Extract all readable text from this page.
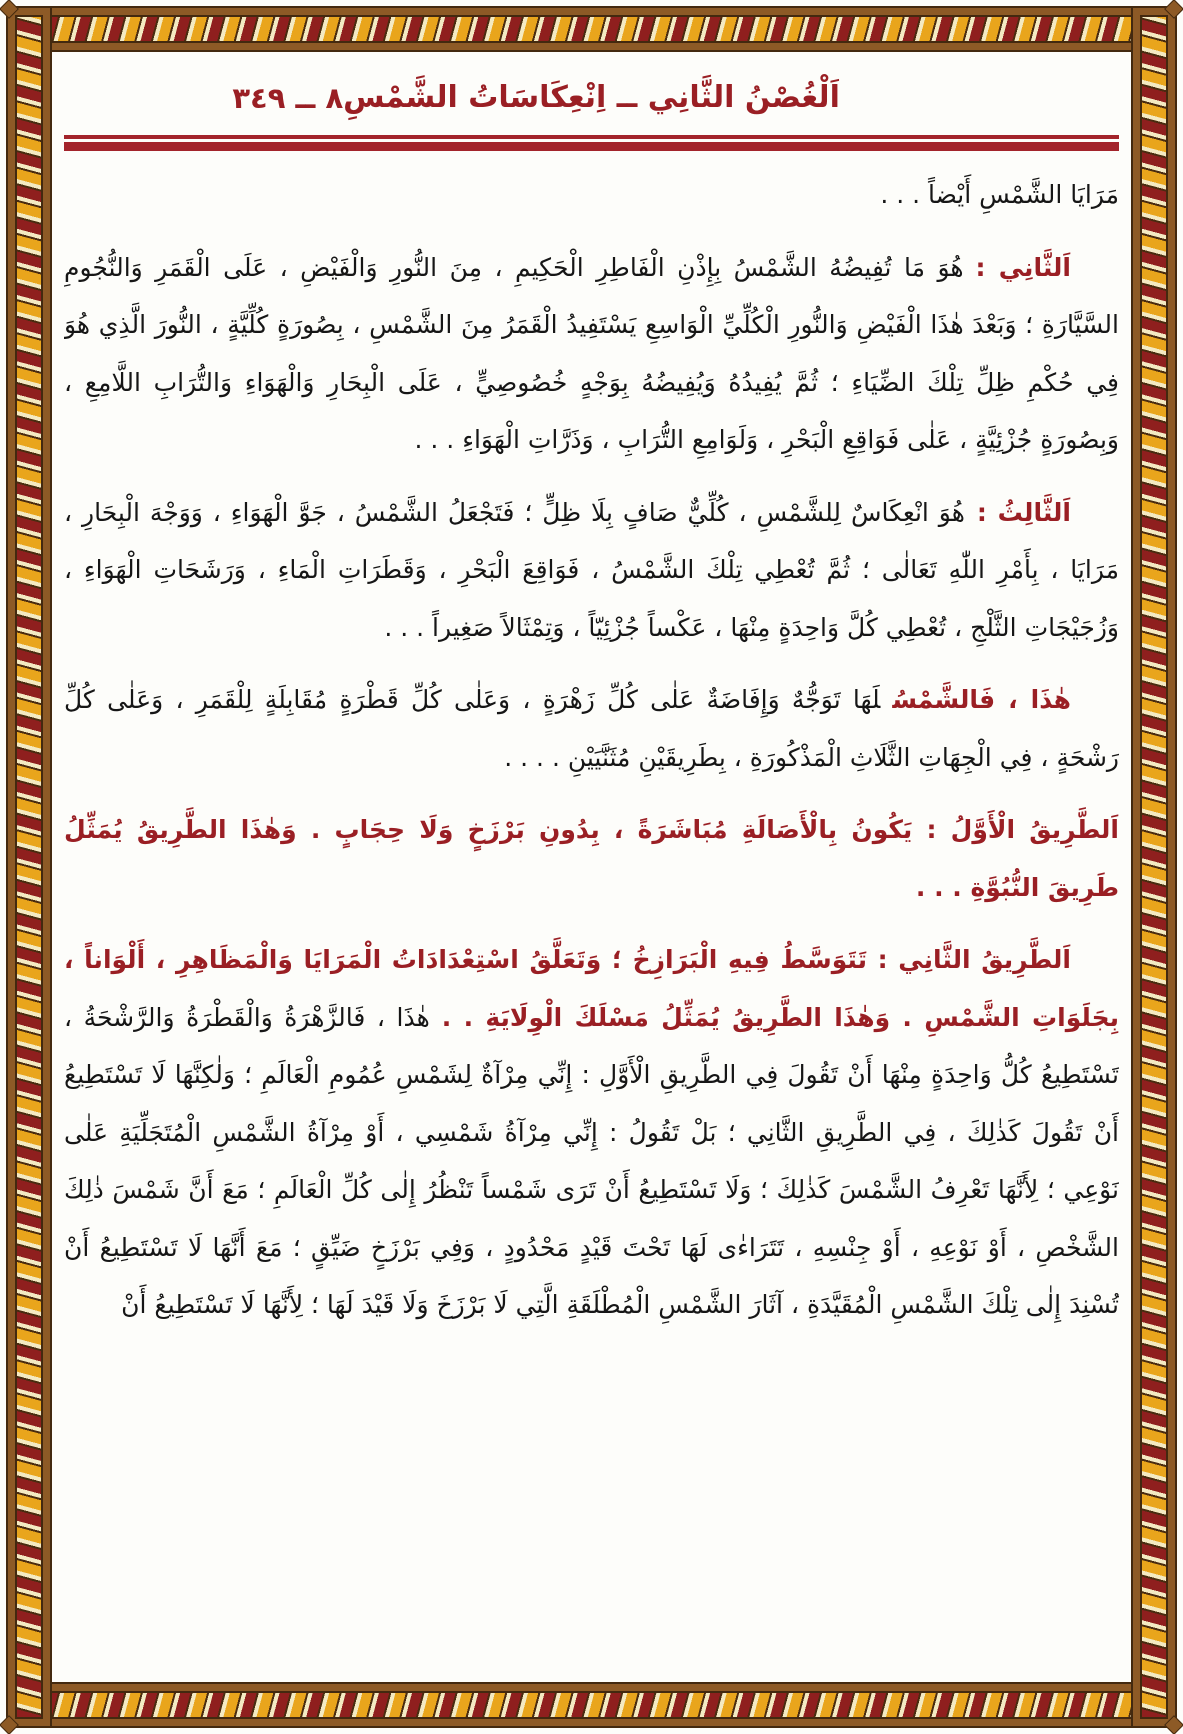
اَلْغُصْنُ الثَّانِي ــ اِنْعِكَاسَاتُ الشَّمْسِ
٨ ــ ٣٤٩

مَرَايَا الشَّمْسِ أَيْضاً . . .

اَلثَّانِي :هُوَ مَا تُفِيضُهُ الشَّمْسُ بِإِذْنِ الْفَاطِرِ الْحَكِيمِ ، مِنَ النُّورِ وَالْفَيْضِ ، عَلَى الْقَمَرِ وَالنُّجُومِ السَّيَّارَةِ ؛ وَبَعْدَ هٰذَا الْفَيْضِ وَالنُّورِ الْكُلِّيِّ الْوَاسِعِ يَسْتَفِيدُ الْقَمَرُ مِنَ الشَّمْسِ ، بِصُورَةٍ كُلِّيَّةٍ ، النُّورَ الَّذِي هُوَ فِي حُكْمِ ظِلِّ تِلْكَ الضِّيَاءِ ؛ ثُمَّ يُفِيدُهُ وَيُفِيضُهُ بِوَجْهٍ خُصُوصِيٍّ ، عَلَى الْبِحَارِ وَالْهَوَاءِ وَالتُّرَابِ اللَّامِعِ ، وَبِصُورَةٍ جُزْئِيَّةٍ ، عَلٰى فَوَاقِعِ الْبَحْرِ ، وَلَوَامِعِ التُّرَابِ ، وَذَرَّاتِ الْهَوَاءِ . . .

اَلثَّالِثُ :هُوَ انْعِكَاسٌ لِلشَّمْسِ ، كُلِّيٌّ صَافٍ بِلَا ظِلٍّ ؛ فَتَجْعَلُ الشَّمْسُ ، جَوَّ الْهَوَاءِ ، وَوَجْهَ الْبِحَارِ ، مَرَايَا ، بِأَمْرِ اللّٰهِ تَعَالٰى ؛ ثُمَّ تُعْطِي تِلْكَ الشَّمْسُ ، فَوَاقِعَ الْبَحْرِ ، وَقَطَرَاتِ الْمَاءِ ، وَرَشَحَاتِ الْهَوَاءِ ، وَزُجَيْجَاتِ الثَّلْجِ ، تُعْطِي كُلَّ وَاحِدَةٍ مِنْهَا ، عَكْساً جُزْئِيّاً ، وَتِمْثَالاً صَغِيراً . . .

هٰذَا ، فَالشَّمْسُلَهَا تَوَجُّهٌ وَإِفَاضَةٌ عَلٰى كُلِّ زَهْرَةٍ ، وَعَلٰى كُلِّ قَطْرَةٍ مُقَابِلَةٍ لِلْقَمَرِ ، وَعَلٰى كُلِّ رَشْحَةٍ ، فِي الْجِهَاتِ الثَّلَاثِ الْمَذْكُورَةِ ، بِطَرِيقَيْنِ مُثَنَّيَيْنِ . . . .

اَلطَّرِيقُ الْأَوَّلُ : يَكُونُ بِالْأَصَالَةِ مُبَاشَرَةً ، بِدُونِ بَرْزَخٍ وَلَا حِجَابٍ . وَهٰذَا الطَّرِيقُ يُمَثِّلُ طَرِيقَ النُّبُوَّةِ . . .

اَلطَّرِيقُ الثَّانِي : تَتَوَسَّطُ فِيهِ الْبَرَازِخُ ؛ وَتَعَلَّقُ اسْتِعْدَادَاتُ الْمَرَايَا وَالْمَظَاهِرِ ، أَلْوَاناً ، بِجَلَوَاتِ الشَّمْسِ . وَهٰذَا الطَّرِيقُ يُمَثِّلُ مَسْلَكَ الْوِلَايَةِ . .هٰذَا ، فَالزَّهْرَةُ وَالْقَطْرَةُ وَالرَّشْحَةُ ، تَسْتَطِيعُ كُلُّ وَاحِدَةٍ مِنْهَا أَنْ تَقُولَ فِي الطَّرِيقِ الْأَوَّلِ : إِنِّي مِرْآةٌ لِشَمْسِ عُمُومِ الْعَالَمِ ؛ وَلٰكِنَّهَا لَا تَسْتَطِيعُ أَنْ تَقُولَ كَذٰلِكَ ، فِي الطَّرِيقِ الثَّانِي ؛ بَلْ تَقُولُ : إِنِّي مِرْآةُ شَمْسِي ، أَوْ مِرْآةُ الشَّمْسِ الْمُتَجَلِّيَةِ عَلٰى نَوْعِي ؛ لِأَنَّهَا تَعْرِفُ الشَّمْسَ كَذٰلِكَ ؛ وَلَا تَسْتَطِيعُ أَنْ تَرَى شَمْساً تَنْظُرُ إِلٰى كُلِّ الْعَالَمِ ؛ مَعَ أَنَّ شَمْسَ ذٰلِكَ الشَّخْصِ ، أَوْ نَوْعِهِ ، أَوْ جِنْسِهِ ، تَتَرَاءٰى لَهَا تَحْتَ قَيْدٍ مَحْدُودٍ ، وَفِي بَرْزَخٍ ضَيِّقٍ ؛ مَعَ أَنَّهَا لَا تَسْتَطِيعُ أَنْ تُسْنِدَ إِلٰى تِلْكَ الشَّمْسِ الْمُقَيَّدَةِ ، آثَارَ الشَّمْسِ الْمُطْلَقَةِ الَّتِي لَا بَرْزَخَ وَلَا قَيْدَ لَهَا ؛ لِأَنَّهَا لَا تَسْتَطِيعُ أَنْ
